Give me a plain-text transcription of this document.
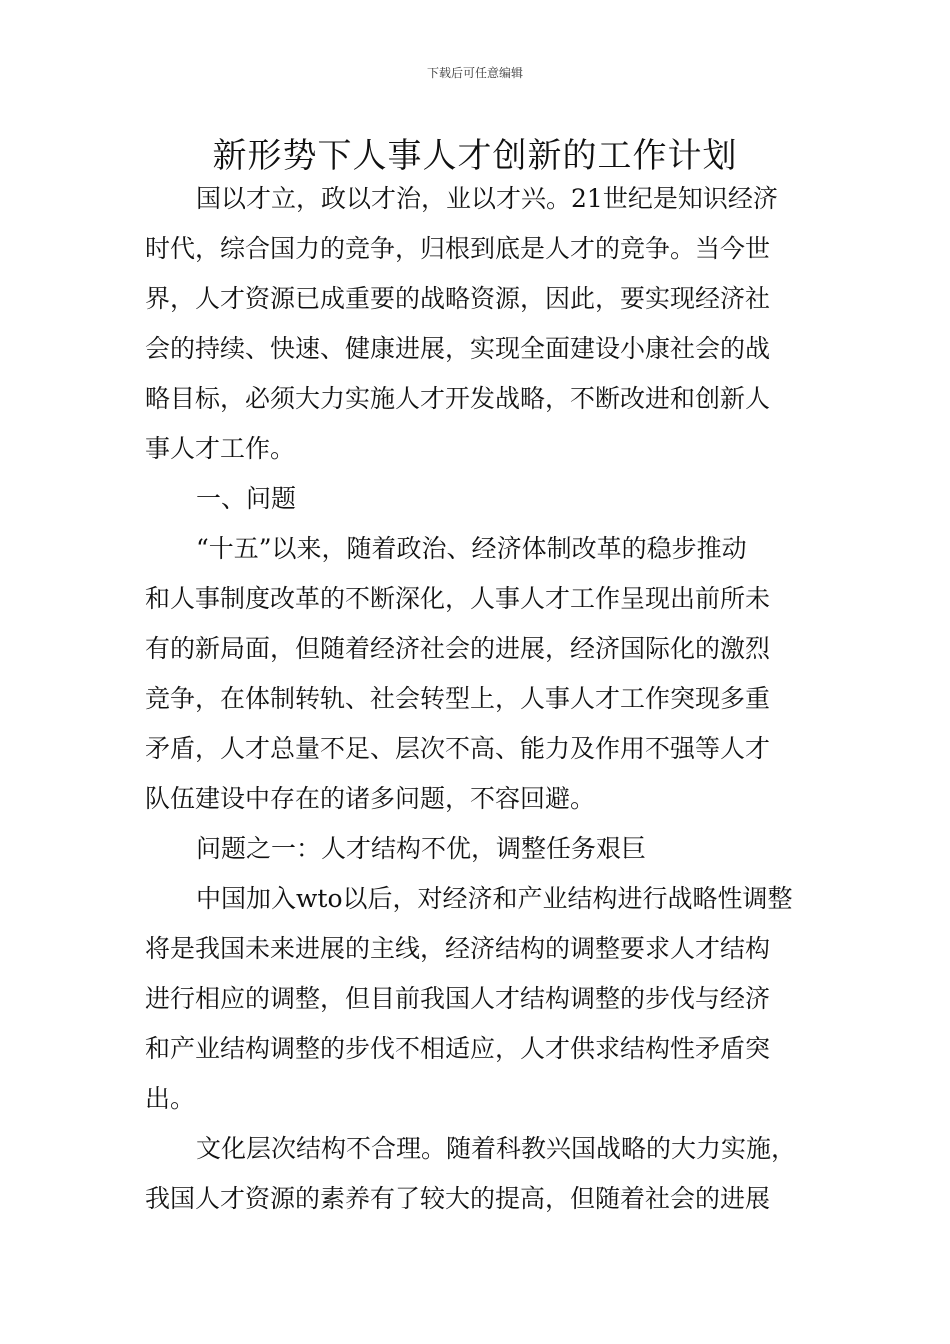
下载后可任意编辑
新形势下人事人才创新的工作计划
国以才立，政以才治，业以才兴。21世纪是知识经济
时代，综合国力的竞争，归根到底是人才的竞争。当今世
界，人才资源已成重要的战略资源，因此，要实现经济社
会的持续、快速、健康进展，实现全面建设小康社会的战
略目标，必须大力实施人才开发战略，不断改进和创新人
事人才工作。
一、问题
“十五”以来，随着政治、经济体制改革的稳步推动
和人事制度改革的不断深化，人事人才工作呈现出前所未
有的新局面，但随着经济社会的进展，经济国际化的激烈
竞争，在体制转轨、社会转型上，人事人才工作突现多重
矛盾，人才总量不足、层次不高、能力及作用不强等人才
队伍建设中存在的诸多问题，不容回避。
问题之一：人才结构不优，调整任务艰巨
中国加入wto以后，对经济和产业结构进行战略性调整
将是我国未来进展的主线，经济结构的调整要求人才结构
进行相应的调整，但目前我国人才结构调整的步伐与经济
和产业结构调整的步伐不相适应，人才供求结构性矛盾突
出。
文化层次结构不合理。随着科教兴国战略的大力实施，
我国人才资源的素养有了较大的提高，但随着社会的进展
